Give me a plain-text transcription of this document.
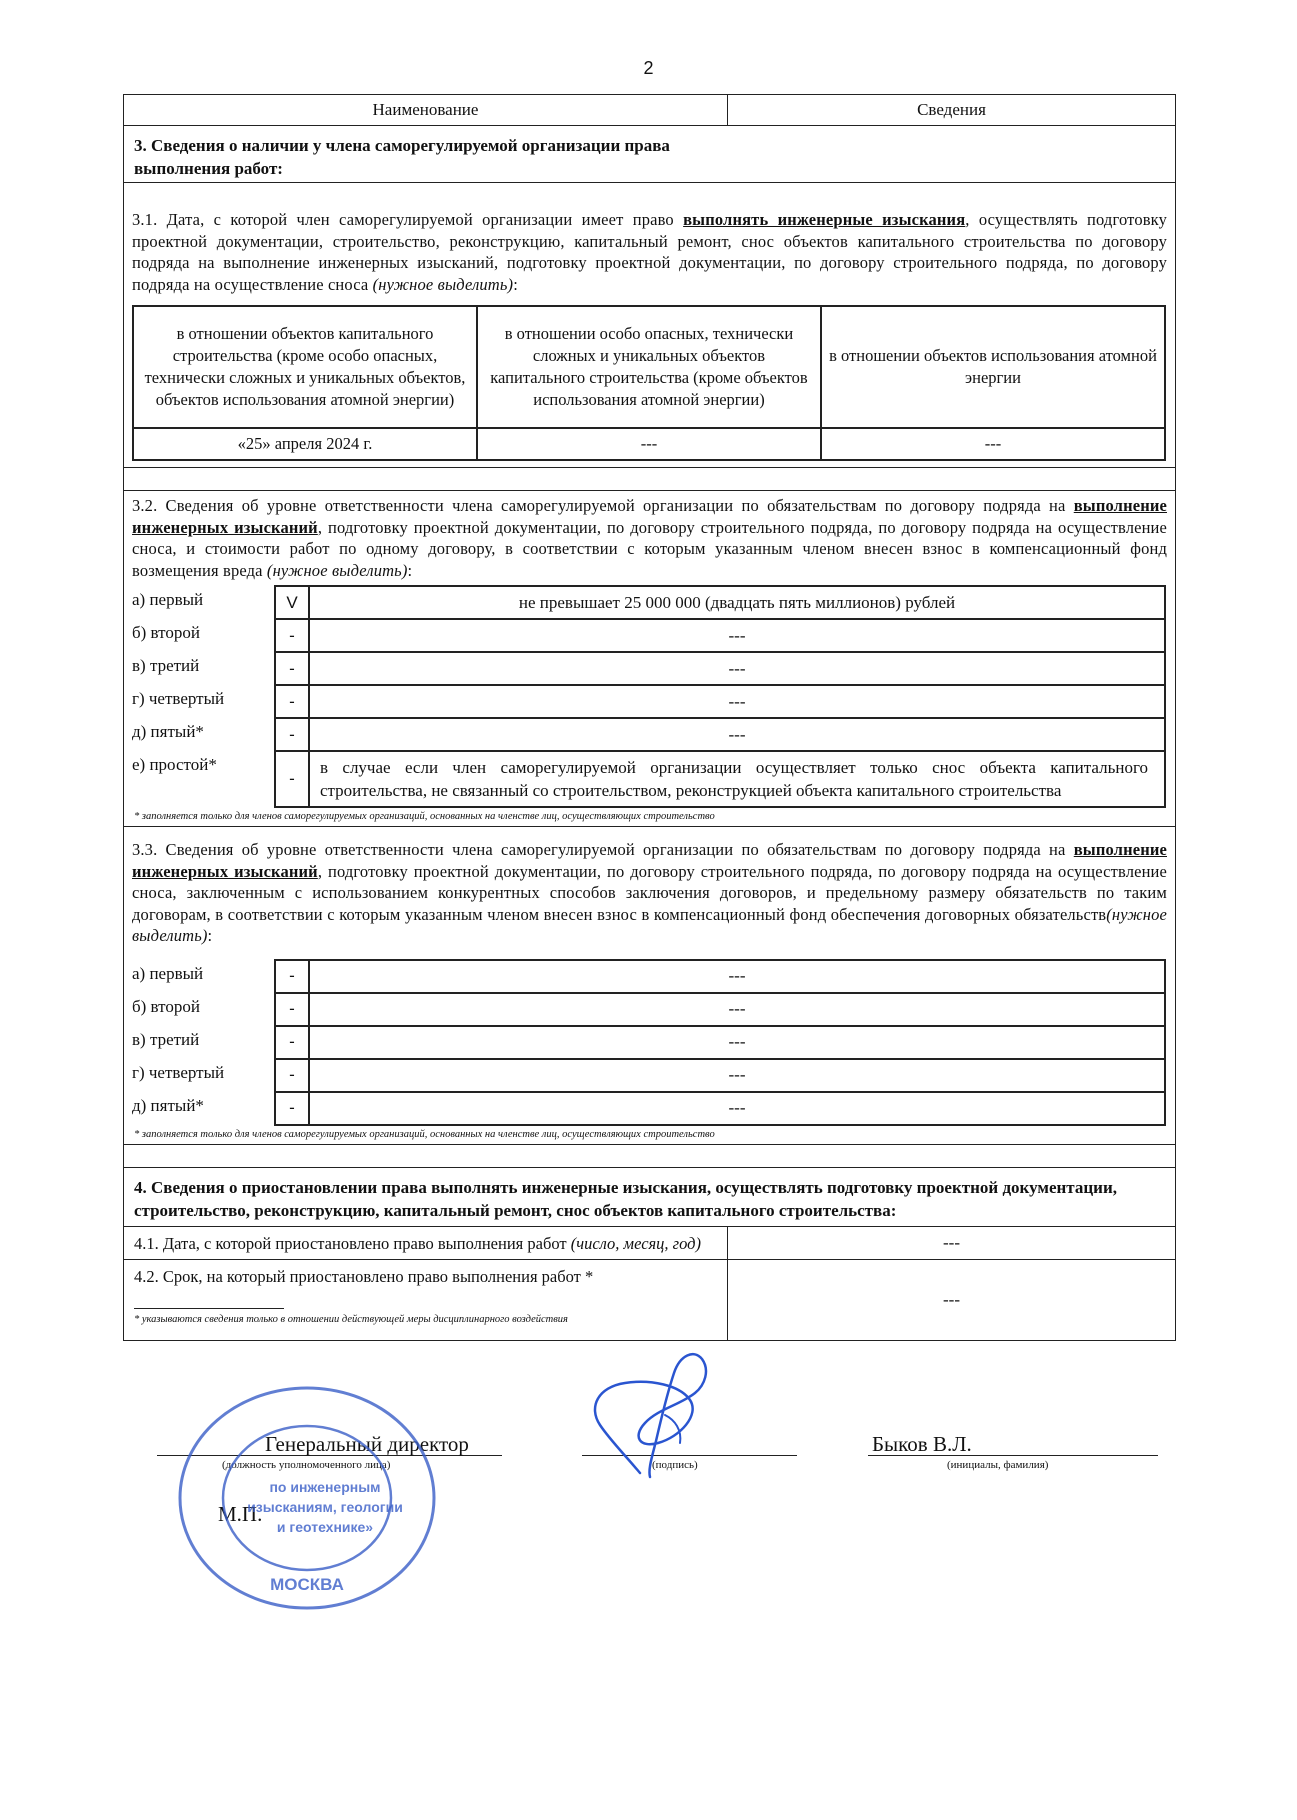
2
Наименование	Сведения

3. Сведения о наличии у члена саморегулируемой организации права выполнения работ:

3.1. Дата, с которой член саморегулируемой организации имеет право выполнять инженерные изыскания, осуществлять подготовку проектной документации, строительство, реконструкцию, капитальный ремонт, снос объектов капитального строительства по договору подряда на выполнение инженерных изысканий, подготовку проектной документации, по договору строительного подряда, по договору подряда на осуществление сноса (нужное выделить):
в отношении объектов капитального строительства (кроме особо опасных, технически сложных и уникальных объектов, объектов использования атомной энергии)	в отношении особо опасных, технически сложных и уникальных объектов капитального строительства (кроме объектов использования атомной энергии)	в отношении объектов использования атомной энергии
«25» апреля 2024 г.	---	---

3.2. Сведения об уровне ответственности члена саморегулируемой организации по обязательствам по договору подряда на выполнение инженерных изысканий, подготовку проектной документации, по договору строительного подряда, по договору подряда на осуществление сноса, и стоимости работ по одному договору, в соответствии с которым указанным членом внесен взнос в компенсационный фонд возмещения вреда (нужное выделить):
а) первый	V	не превышает 25 000 000 (двадцать пять миллионов) рублей
б) второй	-	---
в) третий	-	---
г) четвертый	-	---
д) пятый*	-	---
е) простой*	-	в случае если член саморегулируемой организации осуществляет только снос объекта капитального строительства, не связанный со строительством, реконструкцией объекта капитального строительства
* заполняется только для членов саморегулируемых организаций, основанных на членстве лиц, осуществляющих строительство

3.3. Сведения об уровне ответственности члена саморегулируемой организации по обязательствам по договору подряда на выполнение инженерных изысканий, подготовку проектной документации, по договору строительного подряда, по договору подряда на осуществление сноса, заключенным с использованием конкурентных способов заключения договоров, и предельному размеру обязательств по таким договорам, в соответствии с которым указанным членом внесен взнос в компенсационный фонд обеспечения договорных обязательств(нужное выделить):
а) первый	-	---
б) второй	-	---
в) третий	-	---
г) четвертый	-	---
д) пятый*	-	---
* заполняется только для членов саморегулируемых организаций, основанных на членстве лиц, осуществляющих строительство

4. Сведения о приостановлении права выполнять инженерные изыскания, осуществлять подготовку проектной документации, строительство, реконструкцию, капитальный ремонт, снос объектов капитального строительства:

4.1. Дата, с которой приостановлено право выполнения работ (число, месяц, год)	---

4.2. Срок, на который приостановлено право выполнения работ *
* указываются сведения только в отношении действующей меры дисциплинарного воздействия
	---
Генеральный директор
(должность уполномоченного лица)	(подпись)
Быков В.Л.
(инициалы, фамилия)
М.П.
по инженерным
изысканиям, геологии
и геотехнике»
МОСКВА
